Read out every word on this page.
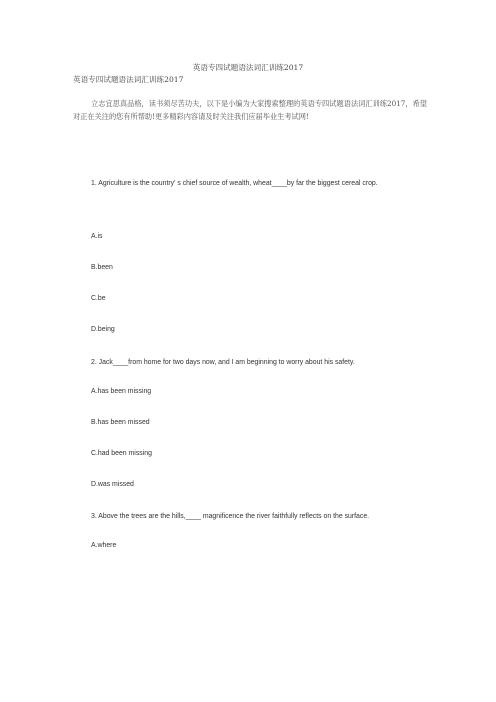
英语专四试题语法词汇训练2017
英语专四试题语法词汇训练2017
立志宜思真品格，读书须尽苦功夫，以下是小编为大家搜索整理的英语专四试题语法词汇训练2017，希望对正在关注的您有所帮助!更多精彩内容请及时关注我们应届毕业生考试网!
1. Agriculture is the country' s chief source of wealth, wheat____by far the biggest cereal crop.
A.is
B.been
C.be
D.being
2. Jack____from home for two days now, and I am beginning to worry about his safety.
A.has been missing
B.has been missed
C.had been missing
D.was missed
3. Above the trees are the hills,____ magnificence the river faithfully reflects on the surface.
A.where
